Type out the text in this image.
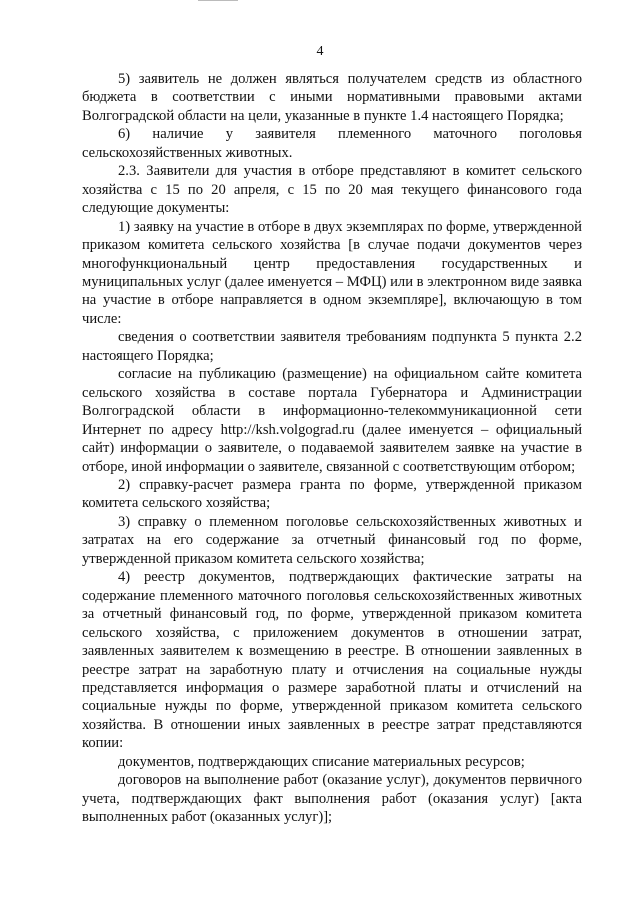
4

5) заявитель не должен являться получателем средств из областного бюджета в соответствии с иными нормативными правовыми актами Волгоградской области на цели, указанные в пункте 1.4 настоящего Порядка;

6) наличие у заявителя племенного маточного поголовья сельскохозяйственных животных.

2.3. Заявители для участия в отборе представляют в комитет сельского хозяйства с 15 по 20 апреля, с 15 по 20 мая текущего финансового года следующие документы:

1) заявку на участие в отборе в двух экземплярах по форме, утвержденной приказом комитета сельского хозяйства [в случае подачи документов через многофункциональный центр предоставления государственных и муниципальных услуг (далее именуется – МФЦ) или в электронном виде заявка на участие в отборе направляется в одном экземпляре], включающую в том числе:

сведения о соответствии заявителя требованиям подпункта 5 пункта 2.2 настоящего Порядка;

согласие на публикацию (размещение) на официальном сайте комитета сельского хозяйства в составе портала Губернатора и Администрации Волгоградской области в информационно-телекоммуникационной сети Интернет по адресу http://ksh.volgograd.ru (далее именуется – официальный сайт) информации о заявителе, о подаваемой заявителем заявке на участие в отборе, иной информации о заявителе, связанной с соответствующим отбором;

2) справку-расчет размера гранта по форме, утвержденной приказом комитета сельского хозяйства;

3) справку о племенном поголовье сельскохозяйственных животных и затратах на его содержание за отчетный финансовый год по форме, утвержденной приказом комитета сельского хозяйства;

4) реестр документов, подтверждающих фактические затраты на содержание племенного маточного поголовья сельскохозяйственных животных за отчетный финансовый год, по форме, утвержденной приказом комитета сельского хозяйства, с приложением документов в отношении затрат, заявленных заявителем к возмещению в реестре. В отношении заявленных в реестре затрат на заработную плату и отчисления на социальные нужды представляется информация о размере заработной платы и отчислений на социальные нужды по форме, утвержденной приказом комитета сельского хозяйства. В отношении иных заявленных в реестре затрат представляются копии:

документов, подтверждающих списание материальных ресурсов;

договоров на выполнение работ (оказание услуг), документов первичного учета, подтверждающих факт выполнения работ (оказания услуг) [акта выполненных работ (оказанных услуг)];
